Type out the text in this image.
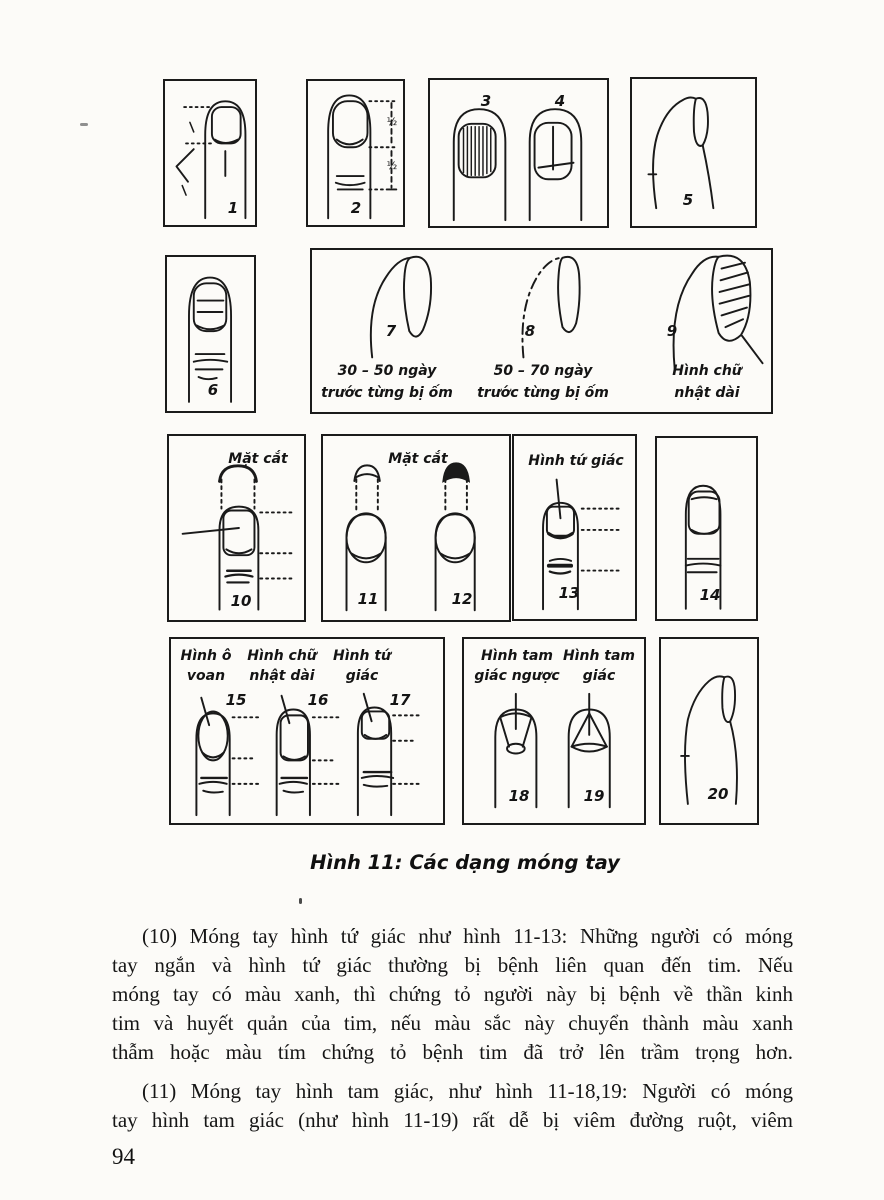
1
½
½
2
3	4
5
6
7	8	9
30 – 50 ngày
trước từng bị ốm
50 – 70 ngày
trước từng bị ốm
Hình chữ
nhật dài
Mặt cắt
10
Mặt cắt
11	12
Hình tứ giác
13	14
Hình ô
voan
Hình chữ
nhật dài
Hình tứ
giác
15	16	17
Hình tam
giác ngược
Hình tam
giác
18	19	20
Hình 11: Các dạng móng tay
(10) Móng tay hình tứ giác như hình 11-13: Những người có móng
tay ngắn và hình tứ giác thường bị bệnh liên quan đến tim. Nếu
móng tay có màu xanh, thì chứng tỏ người này bị bệnh về thần kinh
tim và huyết quản của tim, nếu màu sắc này chuyển thành màu xanh
thẫm hoặc màu tím chứng tỏ bệnh tim đã trở lên trầm trọng hơn.
(11) Móng tay hình tam giác, như hình 11-18,19: Người có móng
tay hình tam giác (như hình 11-19) rất dễ bị viêm đường ruột, viêm
94
